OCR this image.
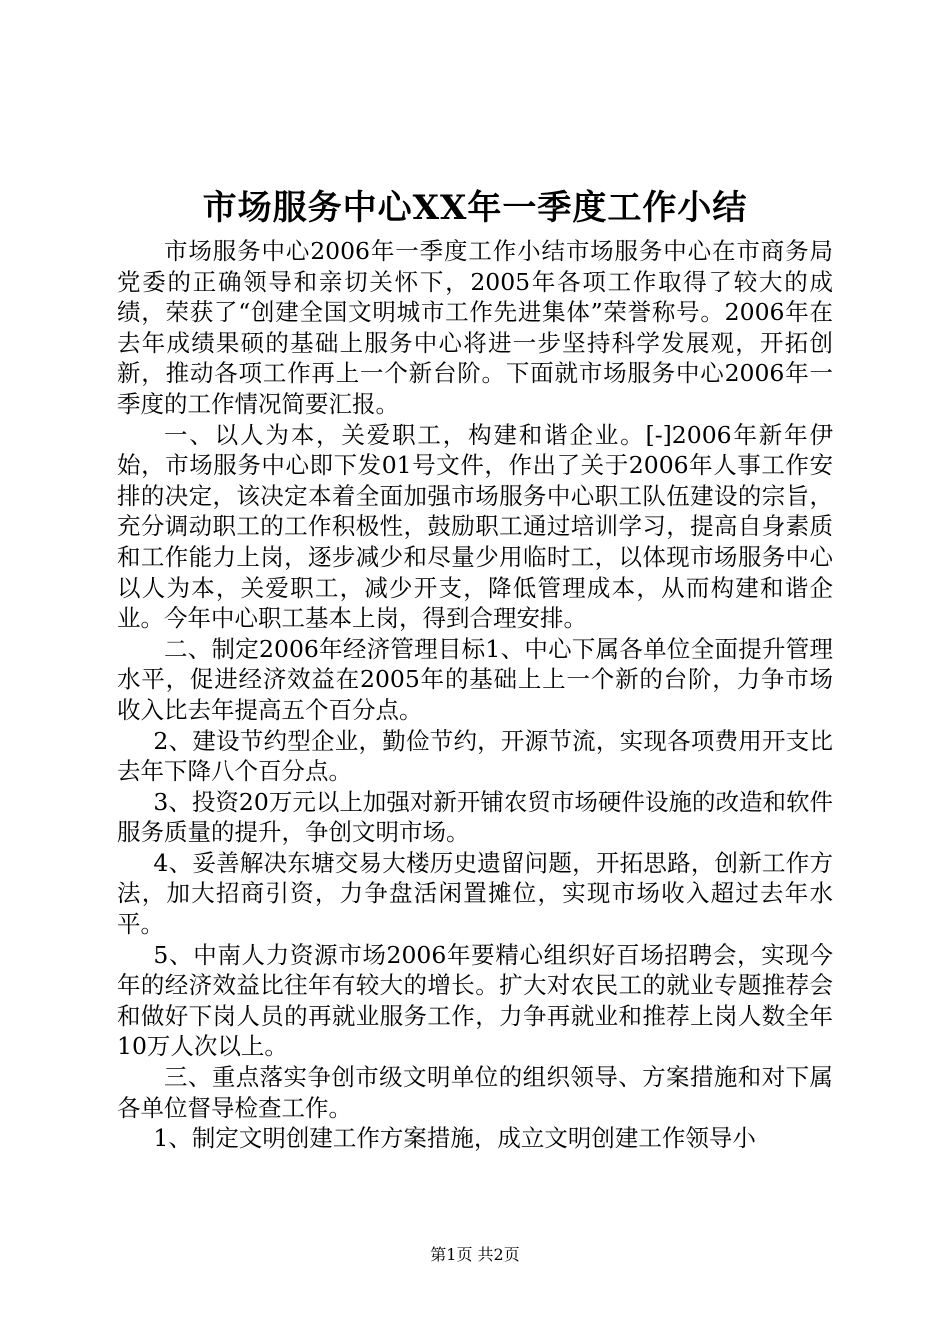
市场服务中心XX年一季度工作小结

市场服务中心2006年一季度工作小结市场服务中心在市商务局党委的正确领导和亲切关怀下，2005年各项工作取得了较大的成绩，荣获了“创建全国文明城市工作先进集体”荣誉称号。2006年在去年成绩果硕的基础上服务中心将进一步坚持科学发展观，开拓创新，推动各项工作再上一个新台阶。下面就市场服务中心2006年一季度的工作情况简要汇报。

一、以人为本，关爱职工，构建和谐企业。[-]2006年新年伊始，市场服务中心即下发01号文件，作出了关于2006年人事工作安排的决定，该决定本着全面加强市场服务中心职工队伍建设的宗旨，充分调动职工的工作积极性，鼓励职工通过培训学习，提高自身素质和工作能力上岗，逐步减少和尽量少用临时工，以体现市场服务中心以人为本，关爱职工，减少开支，降低管理成本，从而构建和谐企业。今年中心职工基本上岗，得到合理安排。

二、制定2006年经济管理目标1、中心下属各单位全面提升管理水平，促进经济效益在2005年的基础上上一个新的台阶，力争市场收入比去年提高五个百分点。

2、建设节约型企业，勤俭节约，开源节流，实现各项费用开支比去年下降八个百分点。

3、投资20万元以上加强对新开铺农贸市场硬件设施的改造和软件服务质量的提升，争创文明市场。

4、妥善解决东塘交易大楼历史遗留问题，开拓思路，创新工作方法，加大招商引资，力争盘活闲置摊位，实现市场收入超过去年水平。

5、中南人力资源市场2006年要精心组织好百场招聘会，实现今年的经济效益比往年有较大的增长。扩大对农民工的就业专题推荐会和做好下岗人员的再就业服务工作，力争再就业和推荐上岗人数全年10万人次以上。

三、重点落实争创市级文明单位的组织领导、方案措施和对下属各单位督导检查工作。

1、制定文明创建工作方案措施，成立文明创建工作领导小

第1页 共2页
